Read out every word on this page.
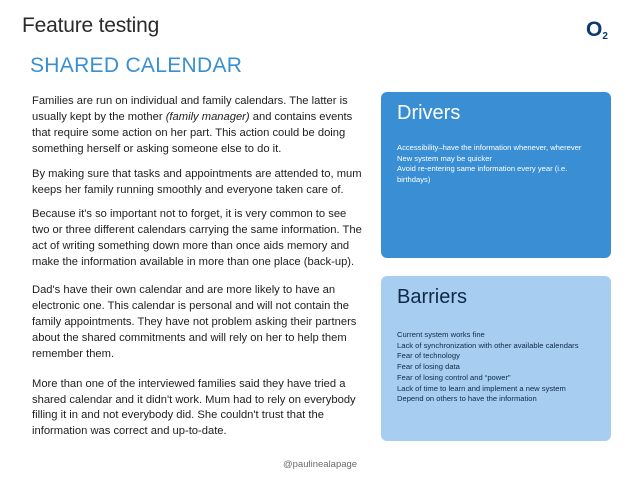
Feature testing	$O_2$
SHARED CALENDAR

Families are run on individual and family calendars. The latter is usually kept by the mother (family manager) and contains events that require some action on her part. This action could be doing something herself or asking someone else to do it.

By making sure that tasks and appointments are attended to, mum keeps her family running smoothly and everyone taken care of.

Because it's so important not to forget, it is very common to see two or three different calendars carrying the same information. The act of writing something down more than once aids memory and make the information available in more than one place (back-up).

Dad's have their own calendar and are more likely to have an electronic one. This calendar is personal and will not contain the family appointments. They have not problem asking their partners about the shared commitments and will rely on her to help them remember them.

More than one of the interviewed families said they have tried a shared calendar and it didn't work. Mum had to rely on everybody filling it in and not everybody did. She couldn't trust that the information was correct and up-to-date.

Drivers
Accessibility–have the information whenever, wherever
New system may be quicker
Avoid re-entering same information every year (i.e. birthdays)
Barriers
Current system works fine
Lack of synchronization with other available calendars
Fear of technology
Fear of losing data
Fear of losing control and “power”
Lack of time to learn and implement a new system
Depend on others to have the information
@paulinealapage
